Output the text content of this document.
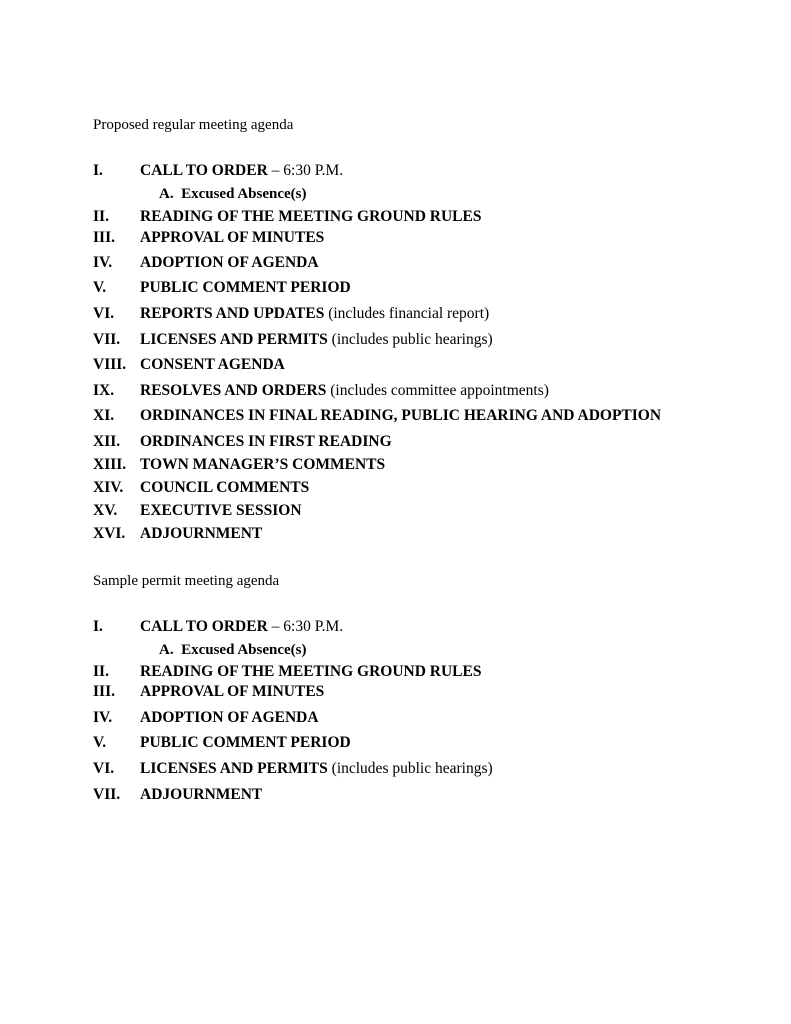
Proposed regular meeting agenda
I. CALL TO ORDER – 6:30 P.M.
A.  Excused Absence(s)
II. READING OF THE MEETING GROUND RULES
III. APPROVAL OF MINUTES
IV. ADOPTION OF AGENDA
V. PUBLIC COMMENT PERIOD
VI. REPORTS AND UPDATES (includes financial report)
VII. LICENSES AND PERMITS (includes public hearings)
VIII. CONSENT AGENDA
IX. RESOLVES AND ORDERS (includes committee appointments)
XI. ORDINANCES IN FINAL READING, PUBLIC HEARING AND ADOPTION
XII. ORDINANCES IN FIRST READING
XIII. TOWN MANAGER’S COMMENTS
XIV. COUNCIL COMMENTS
XV. EXECUTIVE SESSION
XVI. ADJOURNMENT
Sample permit meeting agenda
I. CALL TO ORDER – 6:30 P.M.
A.  Excused Absence(s)
II. READING OF THE MEETING GROUND RULES
III. APPROVAL OF MINUTES
IV. ADOPTION OF AGENDA
V. PUBLIC COMMENT PERIOD
VI. LICENSES AND PERMITS (includes public hearings)
VII. ADJOURNMENT
